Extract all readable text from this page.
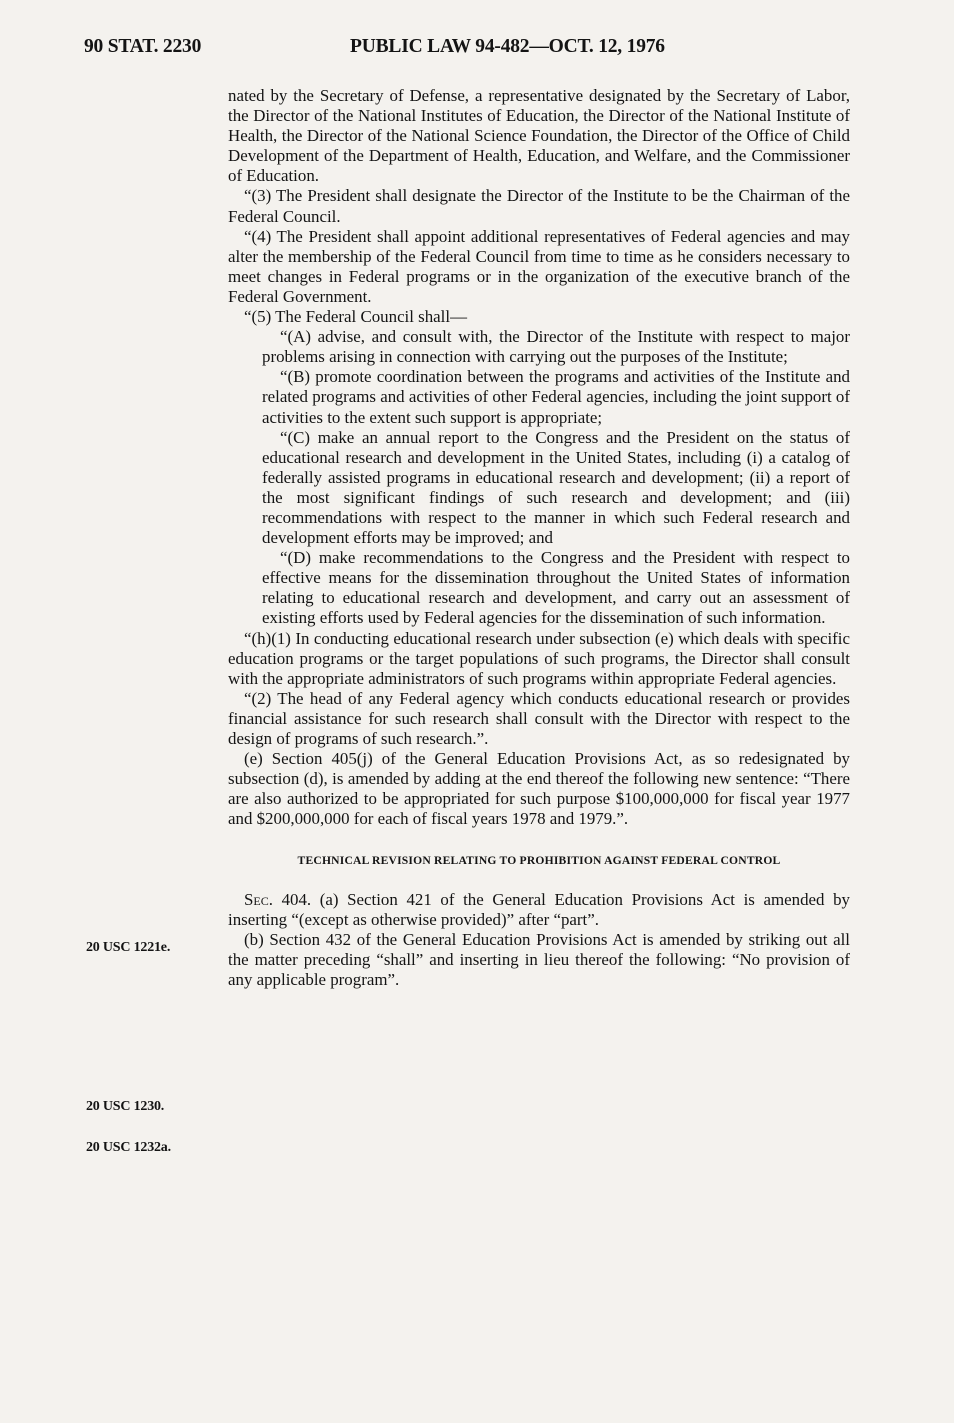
90 STAT. 2230	PUBLIC LAW 94-482—OCT. 12, 1976
20 USC 1221e.
20 USC 1230.
20 USC 1232a.

nated by the Secretary of Defense, a representative designated by the Secretary of Labor, the Director of the National Institutes of Education, the Director of the National Institute of Health, the Director of the National Science Foundation, the Director of the Office of Child Development of the Department of Health, Education, and Welfare, and the Commissioner of Education.

“(3) The President shall designate the Director of the Institute to be the Chairman of the Federal Council.

“(4) The President shall appoint additional representatives of Federal agencies and may alter the membership of the Federal Council from time to time as he considers necessary to meet changes in Federal programs or in the organization of the executive branch of the Federal Government.

“(5) The Federal Council shall—

“(A) advise, and consult with, the Director of the Institute with respect to major problems arising in connection with carrying out the purposes of the Institute;

“(B) promote coordination between the programs and activities of the Institute and related programs and activities of other Federal agencies, including the joint support of activities to the extent such support is appropriate;

“(C) make an annual report to the Congress and the President on the status of educational research and development in the United States, including (i) a catalog of federally assisted programs in educational research and development; (ii) a report of the most significant findings of such research and development; and (iii) recommendations with respect to the manner in which such Federal research and development efforts may be improved; and

“(D) make recommendations to the Congress and the President with respect to effective means for the dissemination throughout the United States of information relating to educational research and development, and carry out an assessment of existing efforts used by Federal agencies for the dissemination of such information.

“(h)(1) In conducting educational research under subsection (e) which deals with specific education programs or the target populations of such programs, the Director shall consult with the appropriate administrators of such programs within appropriate Federal agencies.

“(2) The head of any Federal agency which conducts educational research or provides financial assistance for such research shall consult with the Director with respect to the design of programs of such research.”.

(e) Section 405(j) of the General Education Provisions Act, as so redesignated by subsection (d), is amended by adding at the end thereof the following new sentence: “There are also authorized to be appropriated for such purpose $100,000,000 for fiscal year 1977 and $200,000,000 for each of fiscal years 1978 and 1979.”.

TECHNICAL REVISION RELATING TO PROHIBITION AGAINST FEDERAL CONTROL

Sec. 404. (a) Section 421 of the General Education Provisions Act is amended by inserting “(except as otherwise provided)” after “part”.

(b) Section 432 of the General Education Provisions Act is amended by striking out all the matter preceding “shall” and inserting in lieu thereof the following: “No provision of any applicable program”.
